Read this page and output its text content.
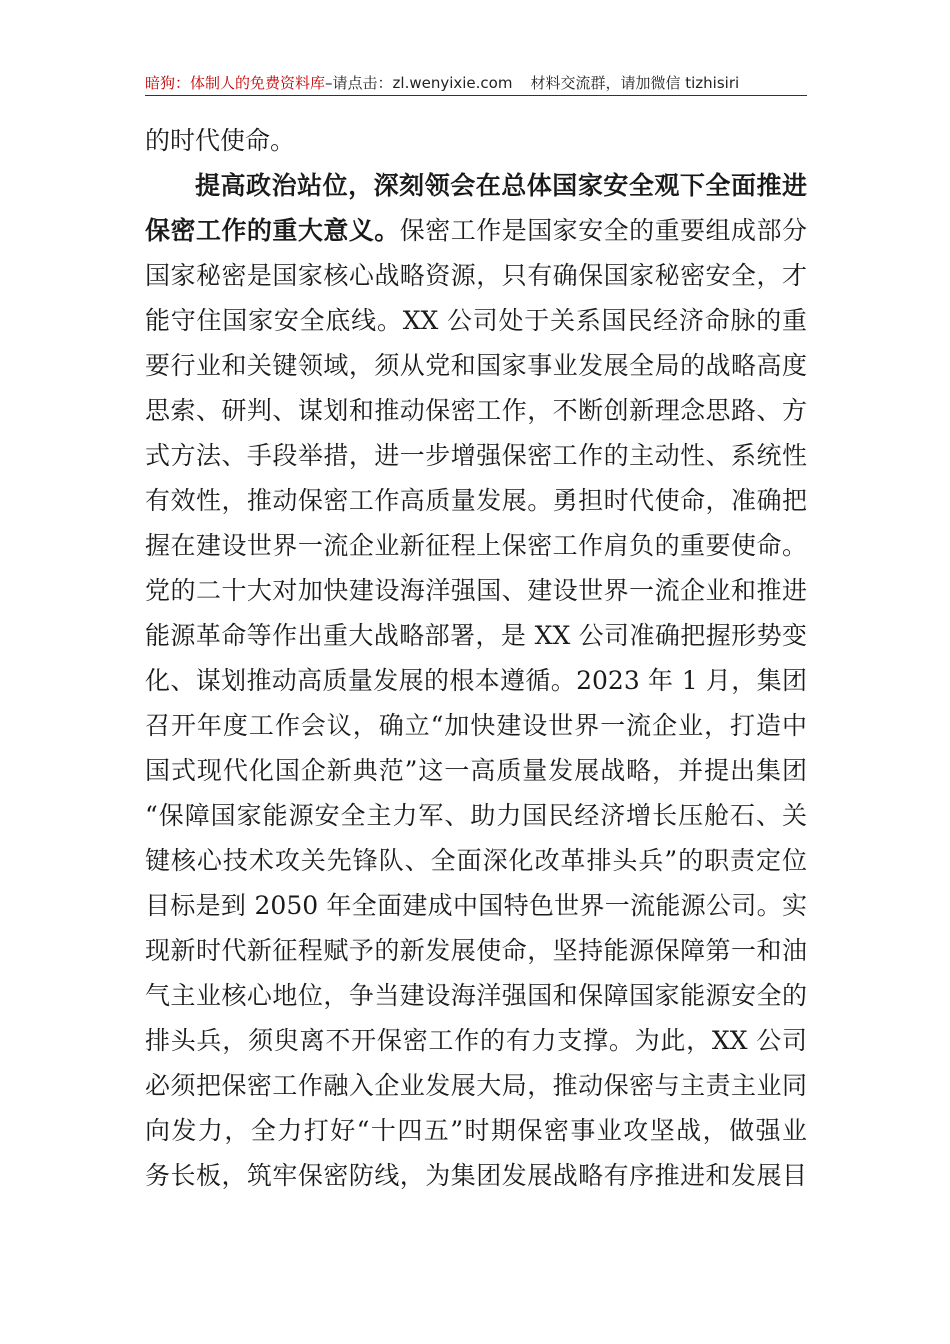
暗狗：体制人的免费资料库–请点击：zl.wenyixie.com 材料交流群，请加微信 tizhisiri
的时代使命。
提高政治站位，深刻领会在总体国家安全观下全面推进
保密工作的重大意义。保密工作是国家安全的重要组成部分
国家秘密是国家核心战略资源，只有确保国家秘密安全，才
能守住国家安全底线。XX 公司处于关系国民经济命脉的重
要行业和关键领域，须从党和国家事业发展全局的战略高度
思索、研判、谋划和推动保密工作，不断创新理念思路、方
式方法、手段举措，进一步增强保密工作的主动性、系统性
有效性，推动保密工作高质量发展。勇担时代使命，准确把
握在建设世界一流企业新征程上保密工作肩负的重要使命。
党的二十大对加快建设海洋强国、建设世界一流企业和推进
能源革命等作出重大战略部署，是 XX 公司准确把握形势变
化、谋划推动高质量发展的根本遵循。2023 年 1 月，集团
召开年度工作会议，确立“加快建设世界一流企业，打造中
国式现代化国企新典范”这一高质量发展战略，并提出集团
“保障国家能源安全主力军、助力国民经济增长压舱石、关
键核心技术攻关先锋队、全面深化改革排头兵”的职责定位
目标是到 2050 年全面建成中国特色世界一流能源公司。实
现新时代新征程赋予的新发展使命，坚持能源保障第一和油
气主业核心地位，争当建设海洋强国和保障国家能源安全的
排头兵，须臾离不开保密工作的有力支撑。为此，XX 公司
必须把保密工作融入企业发展大局，推动保密与主责主业同
向发力，全力打好“十四五”时期保密事业攻坚战，做强业
务长板，筑牢保密防线，为集团发展战略有序推进和发展目
